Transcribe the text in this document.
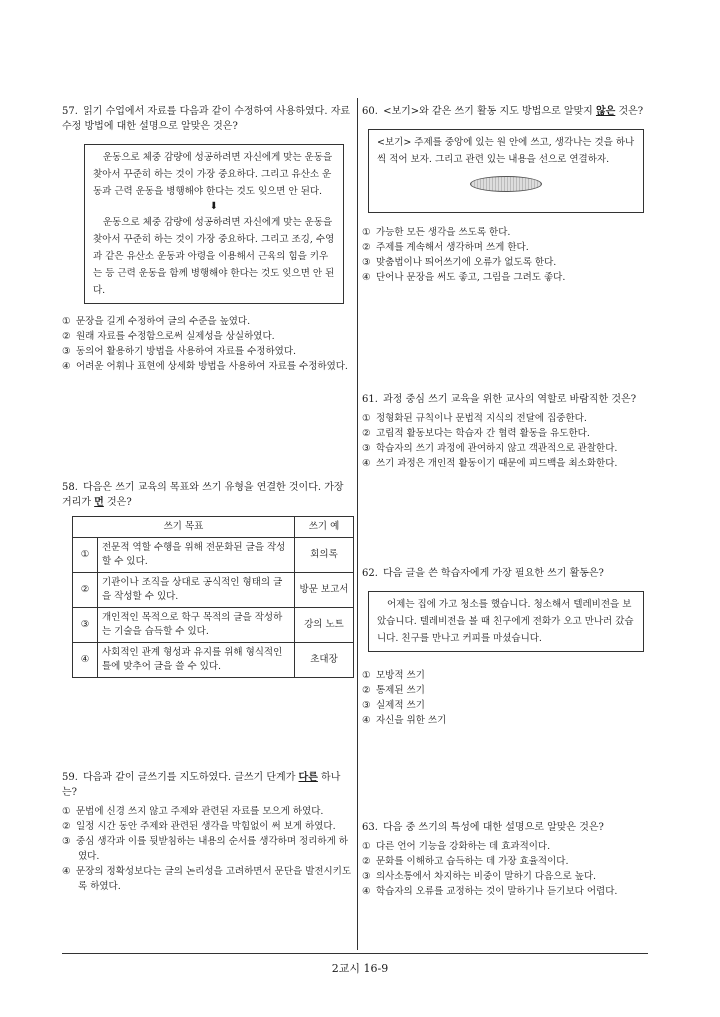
57. 읽기 수업에서 자료를 다음과 같이 수정하여 사용하였다. 자료 수정 방법에 대한 설명으로 알맞은 것은?

운동으로 체중 감량에 성공하려면 자신에게 맞는 운동을 찾아서 꾸준히 하는 것이 가장 중요하다. 그리고 유산소 운동과 근력 운동을 병행해야 한다는 것도 잊으면 안 된다.

⬇

운동으로 체중 감량에 성공하려면 자신에게 맞는 운동을 찾아서 꾸준히 하는 것이 가장 중요하다. 그리고 조깅, 수영과 같은 유산소 운동과 아령을 이용해서 근육의 힘을 키우는 등 근력 운동을 함께 병행해야 한다는 것도 잊으면 안 된다.

① 문장을 길게 수정하여 글의 수준을 높였다.
② 원래 자료를 수정함으로써 실제성을 상실하였다.
③ 동의어 활용하기 방법을 사용하여 자료를 수정하였다.
④ 어려운 어휘나 표현에 상세화 방법을 사용하여 자료를 수정하였다.

58. 다음은 쓰기 교육의 목표와 쓰기 유형을 연결한 것이다. 가장 거리가 먼 것은?

쓰기 목표		쓰기 예
①	전문적 역할 수행을 위해 전문화된 글을 작성할 수 있다.	회의록
②	기관이나 조직을 상대로 공식적인 형태의 글을 작성할 수 있다.	방문 보고서
③	개인적인 목적으로 학구 목적의 글을 작성하는 기술을 습득할 수 있다.	강의 노트
④	사회적인 관계 형성과 유지를 위해 형식적인 틀에 맞추어 글을 쓸 수 있다.	초대장

59. 다음과 같이 글쓰기를 지도하였다. 글쓰기 단계가 다른 하나는?

① 문법에 신경 쓰지 않고 주제와 관련된 자료를 모으게 하였다.
② 일정 시간 동안 주제와 관련된 생각을 막힘없이 써 보게 하였다.
③ 중심 생각과 이를 뒷받침하는 내용의 순서를 생각하며 정리하게 하였다.
④ 문장의 정확성보다는 글의 논리성을 고려하면서 문단을 발전시키도록 하였다.

60. <보기>와 같은 쓰기 활동 지도 방법으로 알맞지 않은 것은?

<보기> 주제를 중앙에 있는 원 안에 쓰고, 생각나는 것을 하나씩 적어 보자. 그리고 관련 있는 내용을 선으로 연결하자.

① 가능한 모든 생각을 쓰도록 한다.
② 주제를 계속해서 생각하며 쓰게 한다.
③ 맞춤법이나 띄어쓰기에 오류가 없도록 한다.
④ 단어나 문장을 써도 좋고, 그림을 그려도 좋다.

61. 과정 중심 쓰기 교육을 위한 교사의 역할로 바람직한 것은?

① 정형화된 규칙이나 문법적 지식의 전달에 집중한다.
② 고립적 활동보다는 학습자 간 협력 활동을 유도한다.
③ 학습자의 쓰기 과정에 관여하지 않고 객관적으로 관찰한다.
④ 쓰기 과정은 개인적 활동이기 때문에 피드백을 최소화한다.

62. 다음 글을 쓴 학습자에게 가장 필요한 쓰기 활동은?

어제는 집에 가고 청소를 했습니다. 청소해서 텔레비전을 보았습니다. 텔레비전을 볼 때 친구에게 전화가 오고 만나러 갔습니다. 친구를 만나고 커피를 마셨습니다.

① 모방적 쓰기
② 통제된 쓰기
③ 실제적 쓰기
④ 자신을 위한 쓰기

63. 다음 중 쓰기의 특성에 대한 설명으로 알맞은 것은?

① 다른 언어 기능을 강화하는 데 효과적이다.
② 문화를 이해하고 습득하는 데 가장 효율적이다.
③ 의사소통에서 차지하는 비중이 말하기 다음으로 높다.
④ 학습자의 오류를 교정하는 것이 말하기나 듣기보다 어렵다.
2교시 16-9
